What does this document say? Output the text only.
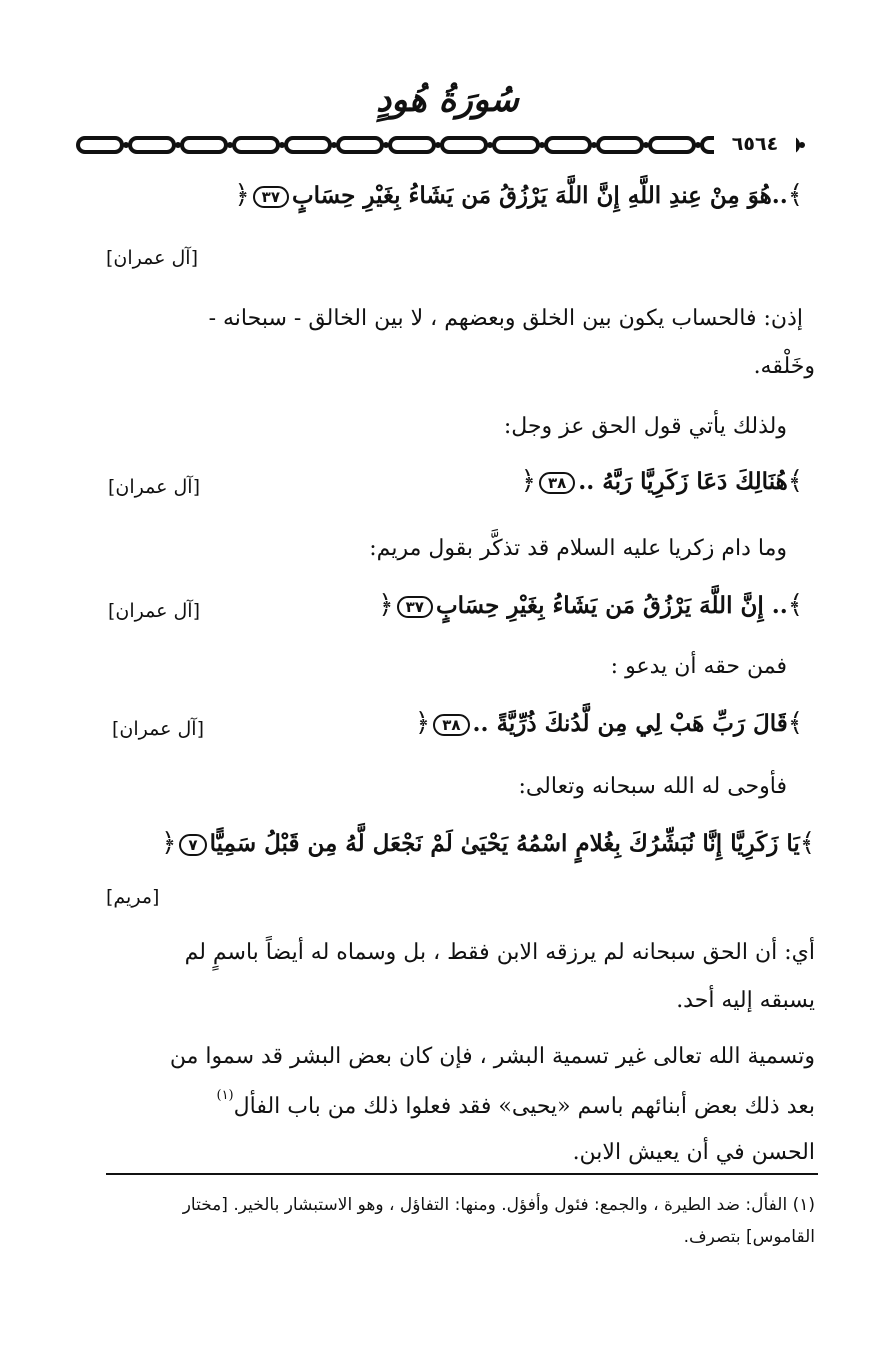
سُورَةُ هُودٍ
٦٥٦٤
﴾..هُوَ مِنْ عِندِ اللَّهِ إِنَّ اللَّهَ يَرْزُقُ مَن يَشَاءُ بِغَيْرِ حِسَابٍ٣٧﴿
[آل عمران]
إذن: فالحساب يكون بين الخلق وبعضهم ، لا بين الخالق - سبحانه -
وخَلْقه.
ولذلك يأتي قول الحق عز وجل:
﴾هُنَالِكَ دَعَا زَكَرِيَّا رَبَّهُ ..٣٨﴿
[آل عمران]
وما دام زكريا عليه السلام قد تذكَّر بقول مريم:
﴾.. إِنَّ اللَّهَ يَرْزُقُ مَن يَشَاءُ بِغَيْرِ حِسَابٍ٣٧﴿
[آل عمران]
فمن حقه أن يدعو :
﴾قَالَ رَبِّ هَبْ لِي مِن لَّدُنكَ ذُرِّيَّةً ..٣٨﴿
[آل عمران]
فأوحى له الله سبحانه وتعالى:
﴾يَا زَكَرِيَّا إِنَّا نُبَشِّرُكَ بِغُلامٍ اسْمُهُ يَحْيَىٰ لَمْ نَجْعَل لَّهُ مِن قَبْلُ سَمِيًّا٧﴿
[مريم]
أي: أن الحق سبحانه لم يرزقه الابن فقط ، بل وسماه له أيضاً باسمٍ لم
يسبقه إليه أحد.
وتسمية الله تعالى غير تسمية البشر ، فإن كان بعض البشر قد سموا من
بعد ذلك بعض أبنائهم باسم «يحيى» فقد فعلوا ذلك من باب الفأل$^{(١)}$
الحسن في أن يعيش الابن.
(١) الفأل: ضد الطيرة ، والجمع: فئول وأفؤل. ومنها: التفاؤل ، وهو الاستبشار بالخير. [مختار
القاموس] بتصرف.
